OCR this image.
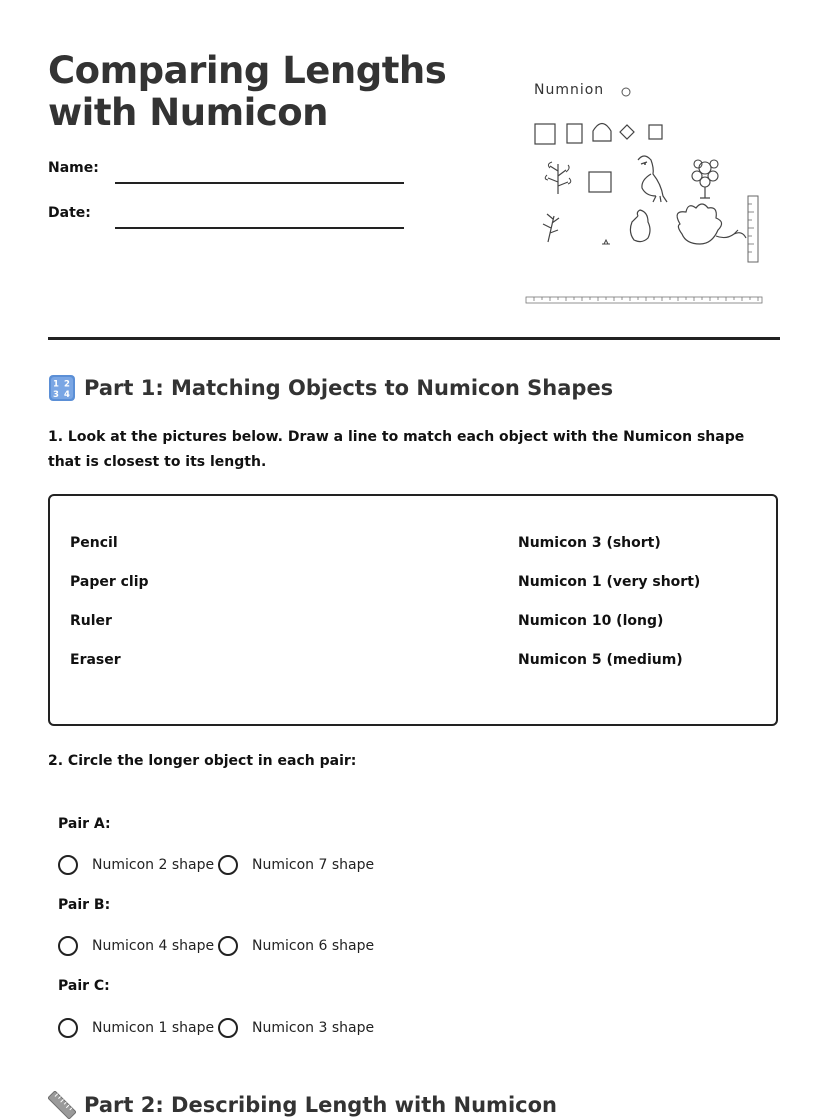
Comparing Lengths with Numicon
Name:
Date:
Numnion
1 2
3 4 Part 1: Matching Objects to Numicon Shapes

1. Look at the pictures below. Draw a line to match each object with the Numicon shape that is closest to its length.

Pencil
Paper clip
Ruler
Eraser
Numicon 3 (short)
Numicon 1 (very short)
Numicon 10 (long)
Numicon 5 (medium)

2. Circle the longer object in each pair:

Pair A:
Numicon 2 shape	Numicon 7 shape
Pair B:
Numicon 4 shape	Numicon 6 shape
Pair C:
Numicon 1 shape	Numicon 3 shape
Part 2: Describing Length with Numicon
